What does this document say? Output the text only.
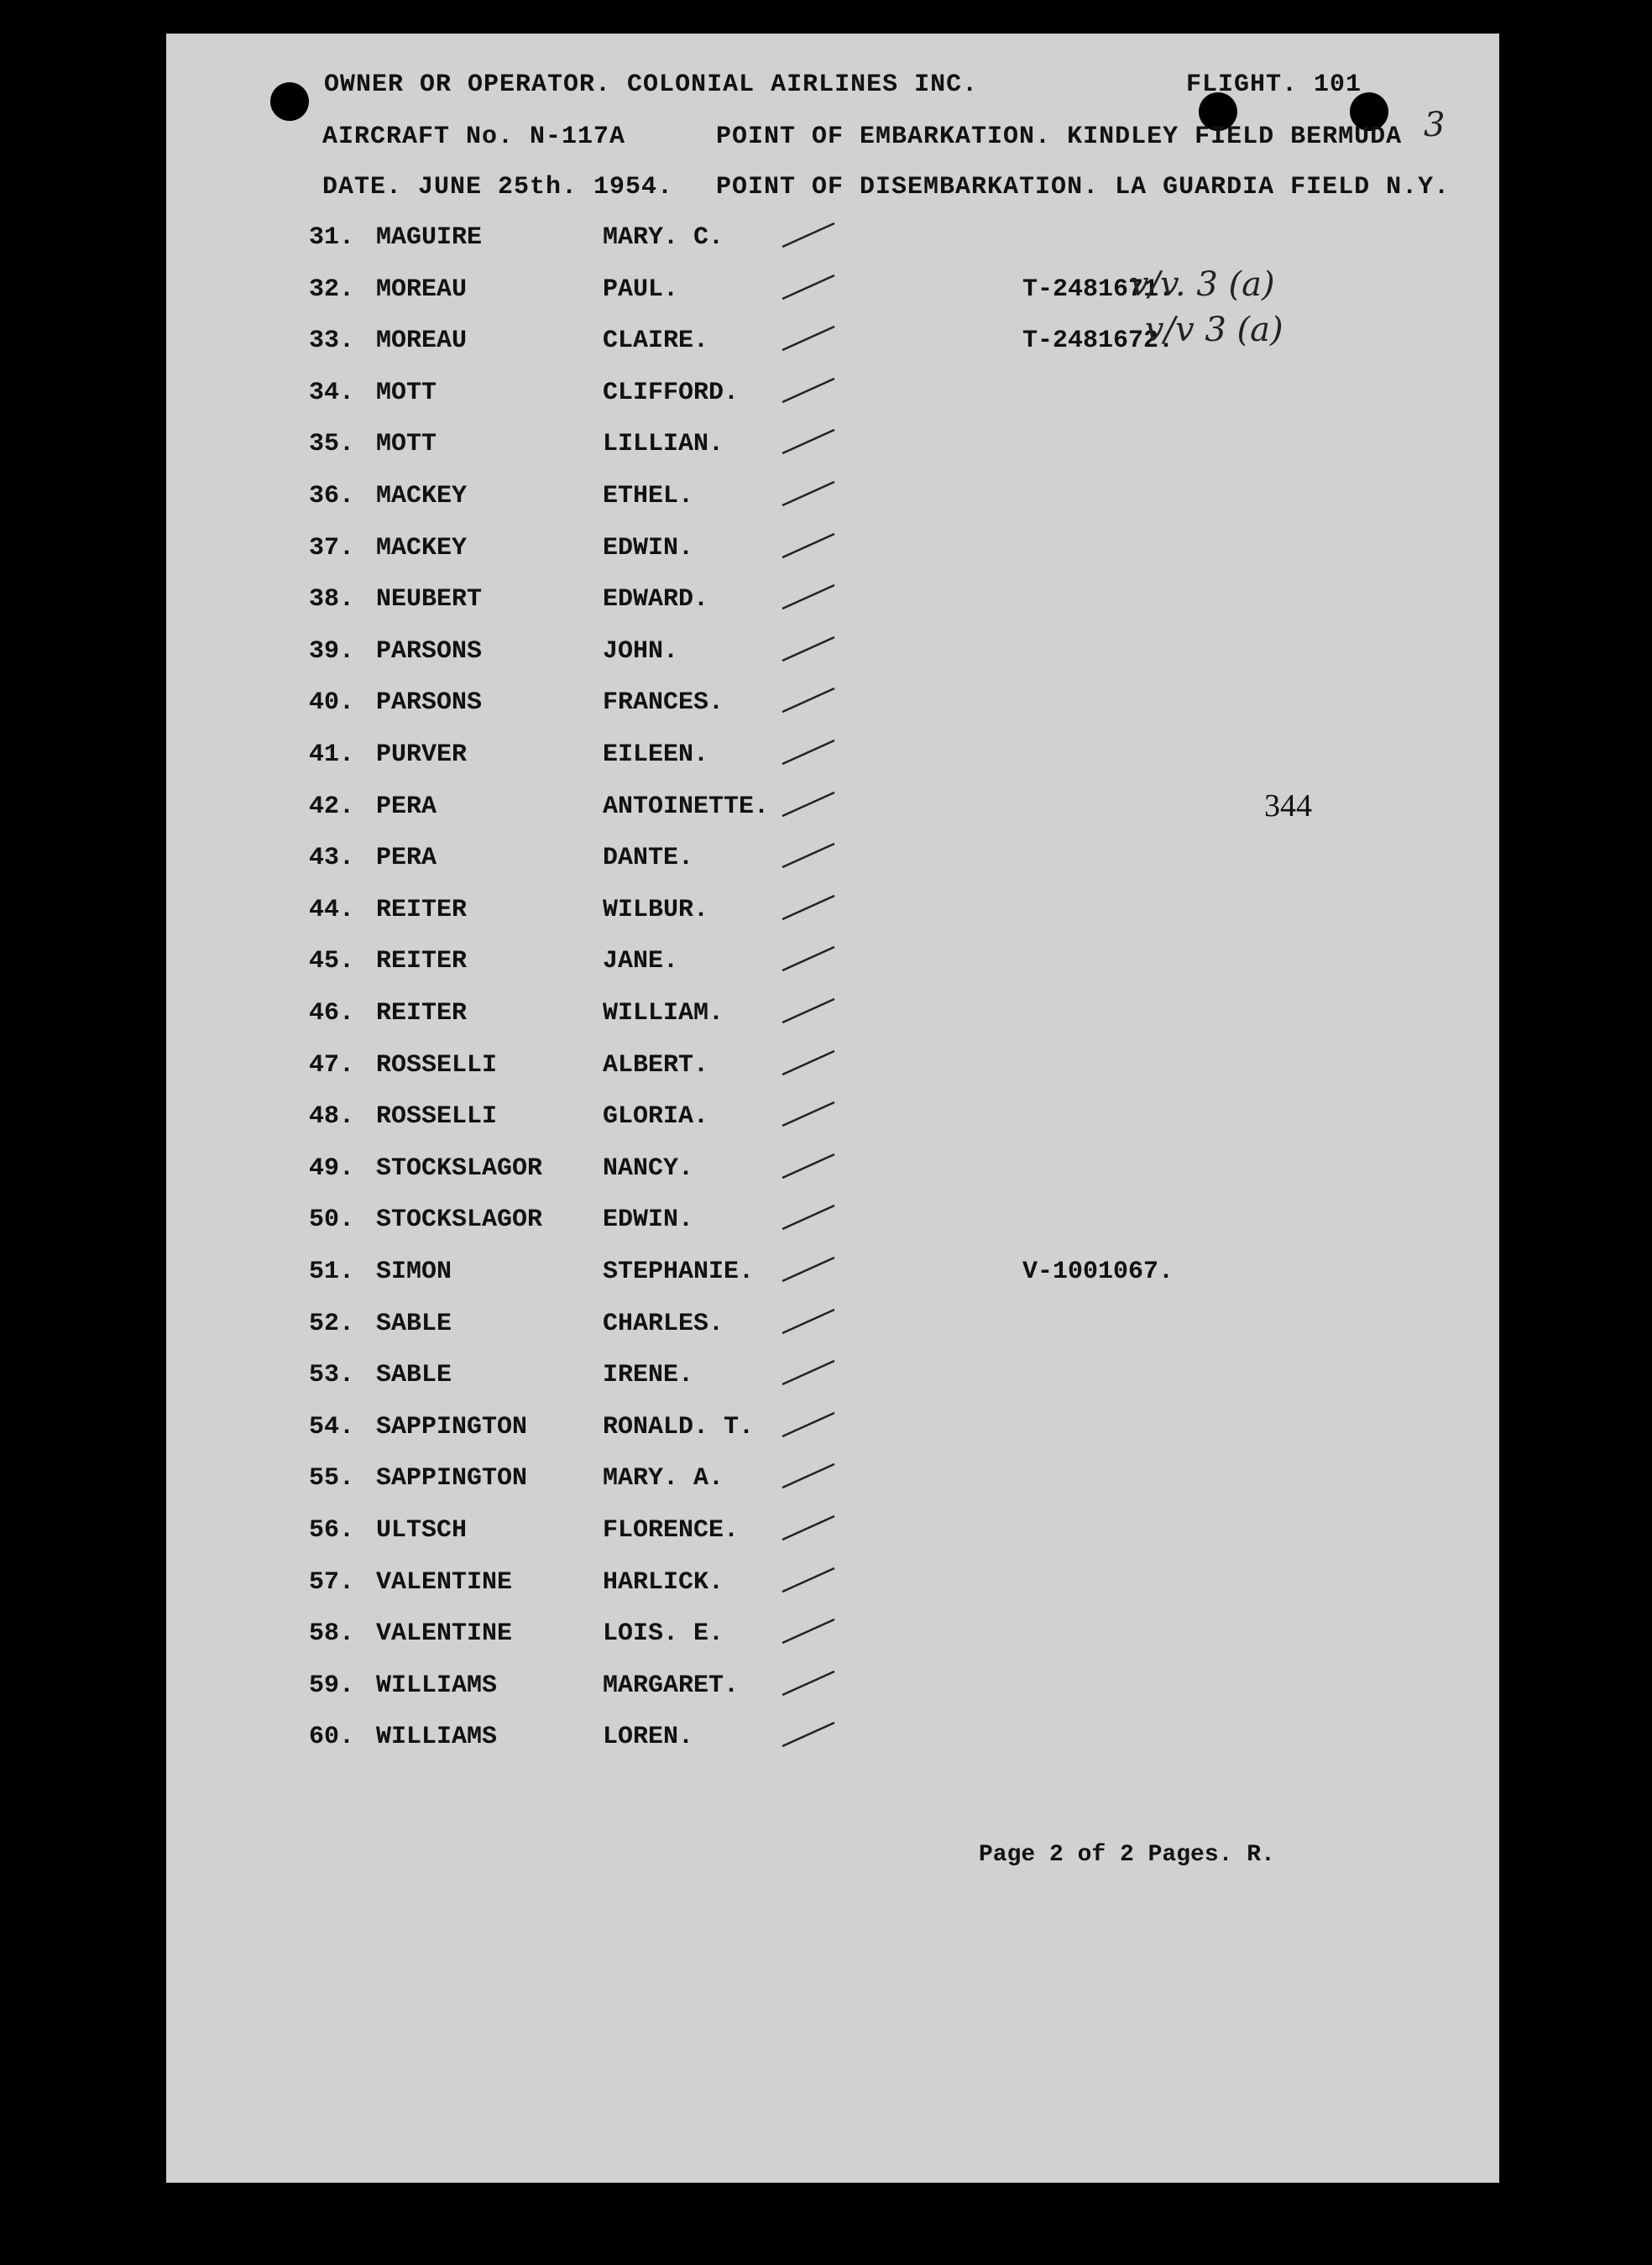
OWNER OR OPERATOR. COLONIAL AIRLINES INC.	FLIGHT. 101
AIRCRAFT No. N-117A	POINT OF EMBARKATION. KINDLEY FIELD BERMUDA
DATE. JUNE 25th. 1954. POINT OF DISEMBARKATION. LA GUARDIA FIELD N.Y.
3
31. MAGUIRE	MARY. C.
32. MOREAU	PAUL.	T-2481671.
33. MOREAU	CLAIRE.	T-2481672.
34. MOTT	CLIFFORD.
35. MOTT	LILLIAN.
36. MACKEY	ETHEL.
37. MACKEY	EDWIN.
38. NEUBERT	EDWARD.
39. PARSONS	JOHN.
40. PARSONS	FRANCES.
41. PURVER	EILEEN.
42. PERA	ANTOINETTE.
43. PERA	DANTE.
44. REITER	WILBUR.
45. REITER	JANE.
46. REITER	WILLIAM.
47. ROSSELLI	ALBERT.
48. ROSSELLI	GLORIA.
49. STOCKSLAGOR NANCY.
50. STOCKSLAGOR EDWIN.
51. SIMON	STEPHANIE.	V-1001067.
52. SABLE	CHARLES.
53. SABLE	IRENE.
54. SAPPINGTON	RONALD. T.
55. SAPPINGTON	MARY. A.
56. ULTSCH	FLORENCE.
57. VALENTINE	HARLICK.
58. VALENTINE	LOIS. E.
59. WILLIAMS	MARGARET.
60. WILLIAMS	LOREN.
v/v. 3 (a)
v/v 3 (a)
344
Page 2 of 2 Pages. R.
